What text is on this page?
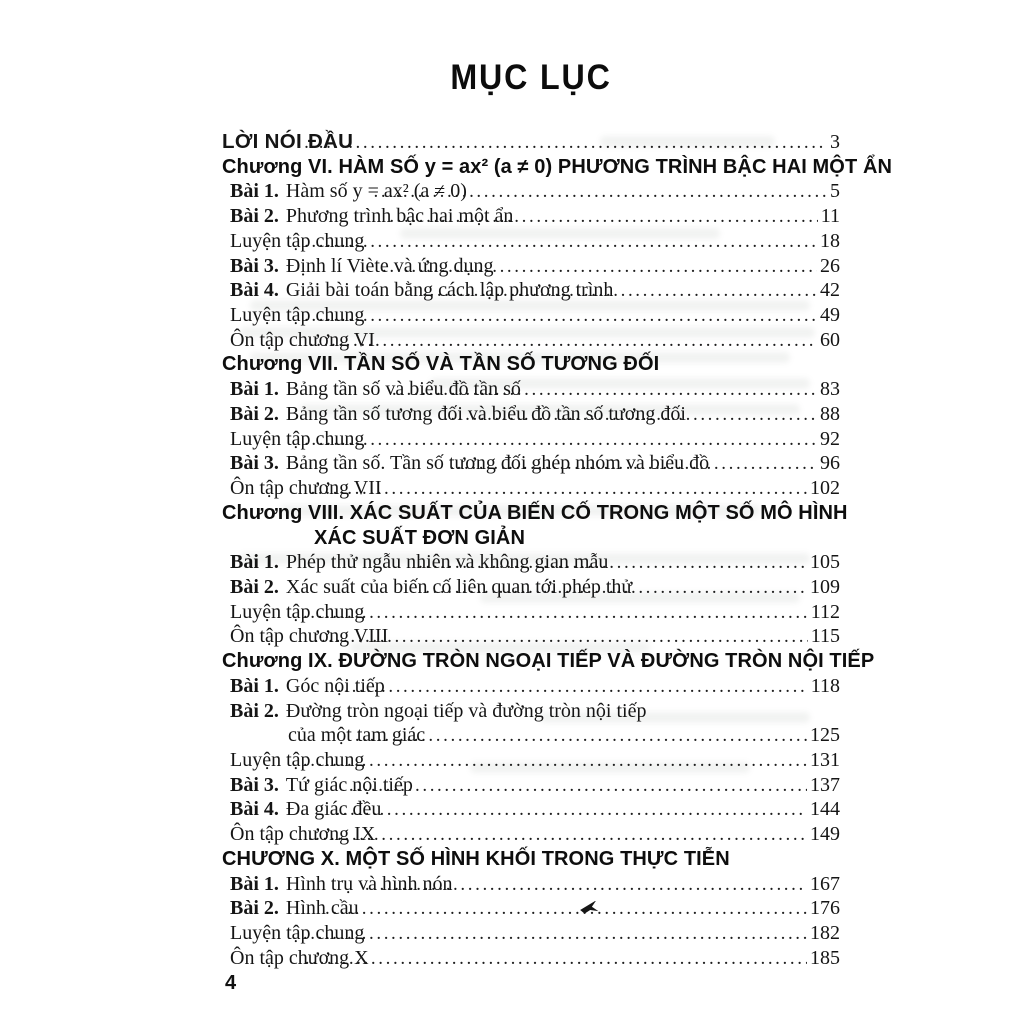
MỤC LỤC
LỜI NÓI ĐẦU .....	3
Chương VI. HÀM SỐ y = ax² (a ≠ 0) PHƯƠNG TRÌNH BẬC HAI MỘT ẨN
Bài 1. Hàm số y = ax² (a ≠ 0) .....	5
Bài 2. Phương trình bậc hai một ẩn .....	11
Luyện tập chung .....	18
Bài 3. Định lí Viète và ứng dụng .....	26
Bài 4. Giải bài toán bằng cách lập phương trình .....	42
Luyện tập chung .....	49
Ôn tập chương VI .....	60
Chương VII. TẦN SỐ VÀ TẦN SỐ TƯƠNG ĐỐI
Bài 1. Bảng tần số và biểu đồ tần số .....	83
Bài 2. Bảng tần số tương đối và biểu đồ tần số tương đối .....	88
Luyện tập chung .....	92
Bài 3. Bảng tần số. Tần số tương đối ghép nhóm và biểu đồ .....	96
Ôn tập chương VII .....	102
Chương VIII. XÁC SUẤT CỦA BIẾN CỐ TRONG MỘT SỐ MÔ HÌNH
XÁC SUẤT ĐƠN GIẢN
Bài 1. Phép thử ngẫu nhiên và không gian mẫu .....	105
Bài 2. Xác suất của biến cố liên quan tới phép thử .....	109
Luyện tập chung .....	112
Ôn tập chương VIII .....	115
Chương IX. ĐƯỜNG TRÒN NGOẠI TIẾP VÀ ĐƯỜNG TRÒN NỘI TIẾP
Bài 1. Góc nội tiếp .....	118
Bài 2. Đường tròn ngoại tiếp và đường tròn nội tiếp
của một tam giác .....	125
Luyện tập chung .....	131
Bài 3. Tứ giác nội tiếp .....	137
Bài 4. Đa giác đều .....	144
Ôn tập chương IX .....	149
CHƯƠNG X. MỘT SỐ HÌNH KHỐI TRONG THỰC TIỄN
Bài 1. Hình trụ và hình nón .....	167
Bài 2. Hình cầu .....	176
Luyện tập chung .....	182
Ôn tập chương X .....	185
4
